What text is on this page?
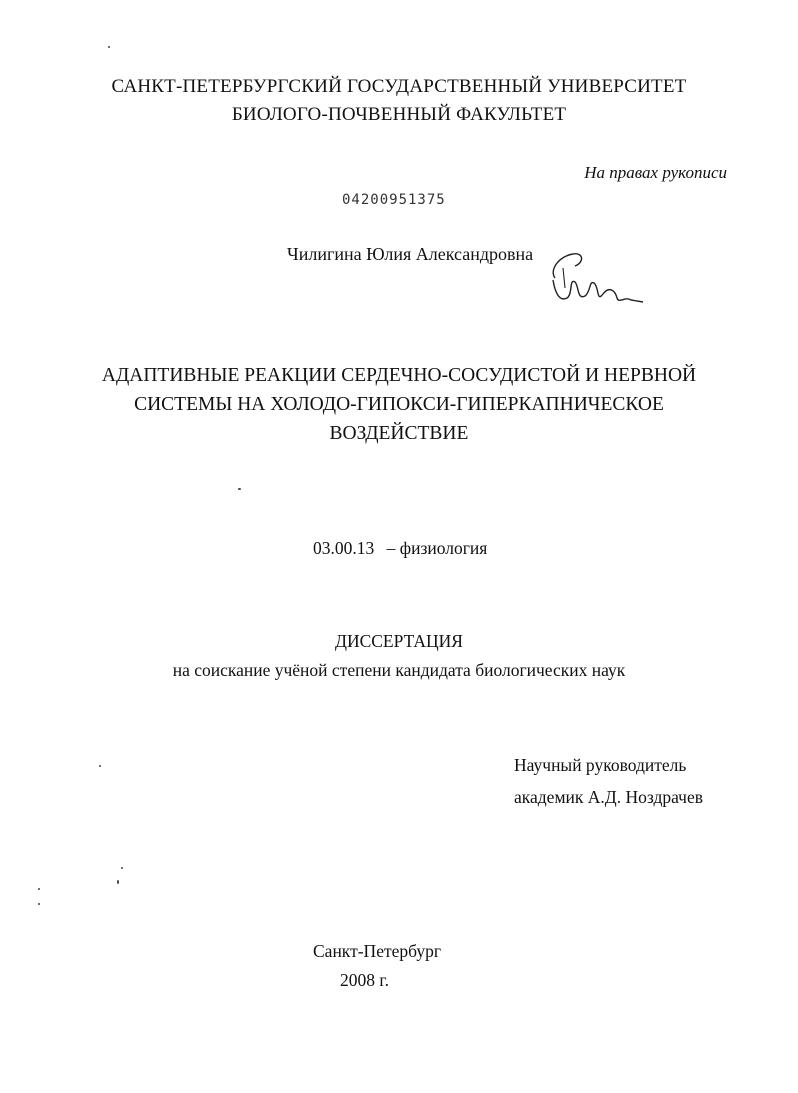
САНКТ-ПЕТЕРБУРГСКИЙ ГОСУДАРСТВЕННЫЙ УНИВЕРСИТЕТ
БИОЛОГО-ПОЧВЕННЫЙ ФАКУЛЬТЕТ
На правах рукописи
04200951375
Чилигина Юлия Александровна
АДАПТИВНЫЕ РЕАКЦИИ СЕРДЕЧНО-СОСУДИСТОЙ И НЕРВНОЙ
СИСТЕМЫ НА ХОЛОДО-ГИПОКСИ-ГИПЕРКАПНИЧЕСКОЕ
ВОЗДЕЙСТВИЕ
03.00.13 – физиология
ДИССЕРТАЦИЯ
на соискание учёной степени кандидата биологических наук
Научный руководитель
академик А.Д. Ноздрачев
Санкт-Петербург
2008 г.
